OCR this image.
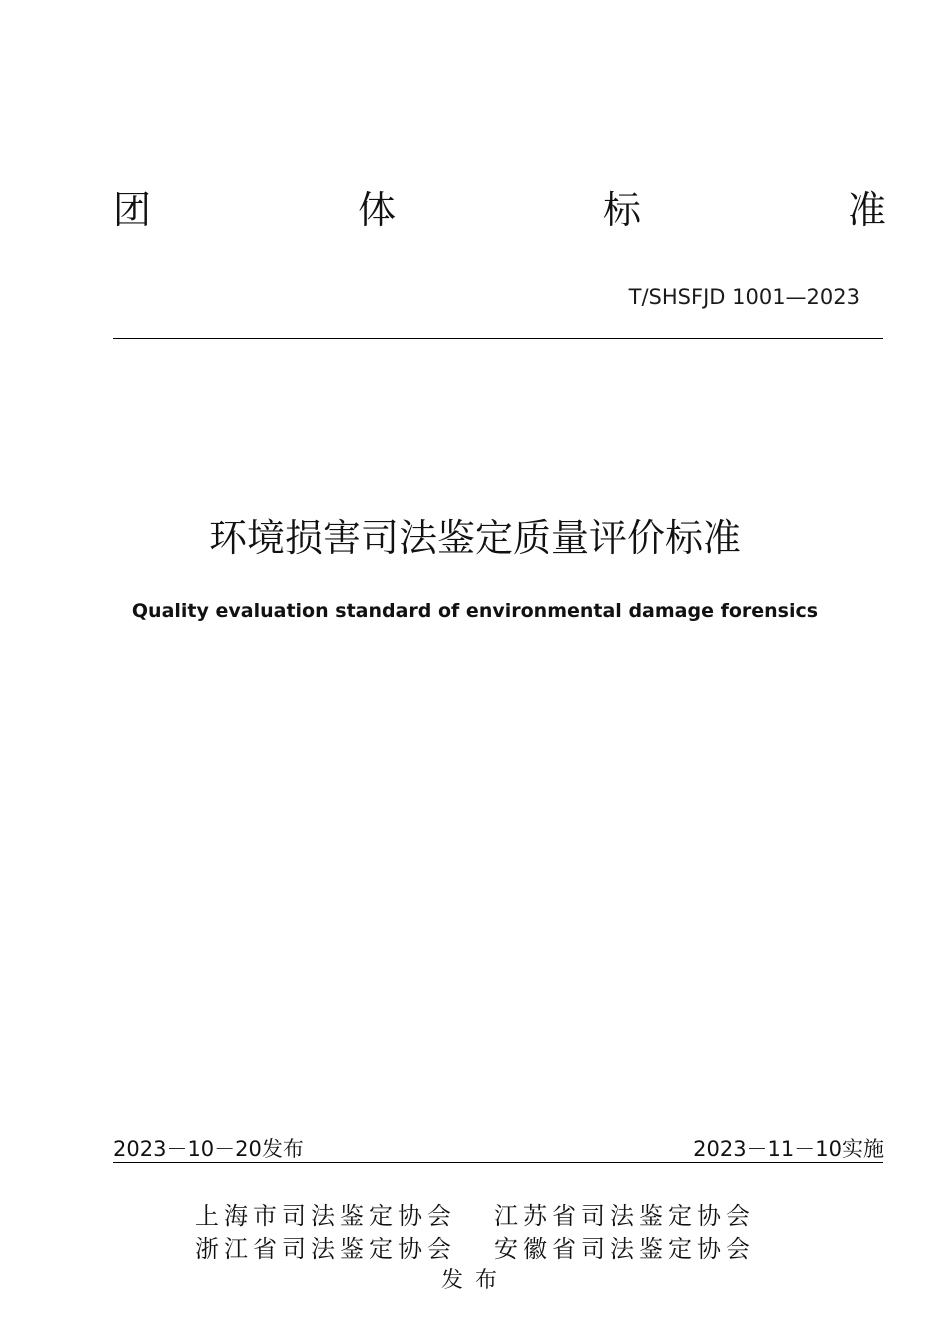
团	体	标	准
T/SHSFJD 1001—2023
环境损害司法鉴定质量评价标准
Quality evaluation standard of environmental damage forensics
2023－10－20发布	2023－11－10实施
上海市司法鉴定协会 江苏省司法鉴定协会
浙江省司法鉴定协会 安徽省司法鉴定协会
发布
